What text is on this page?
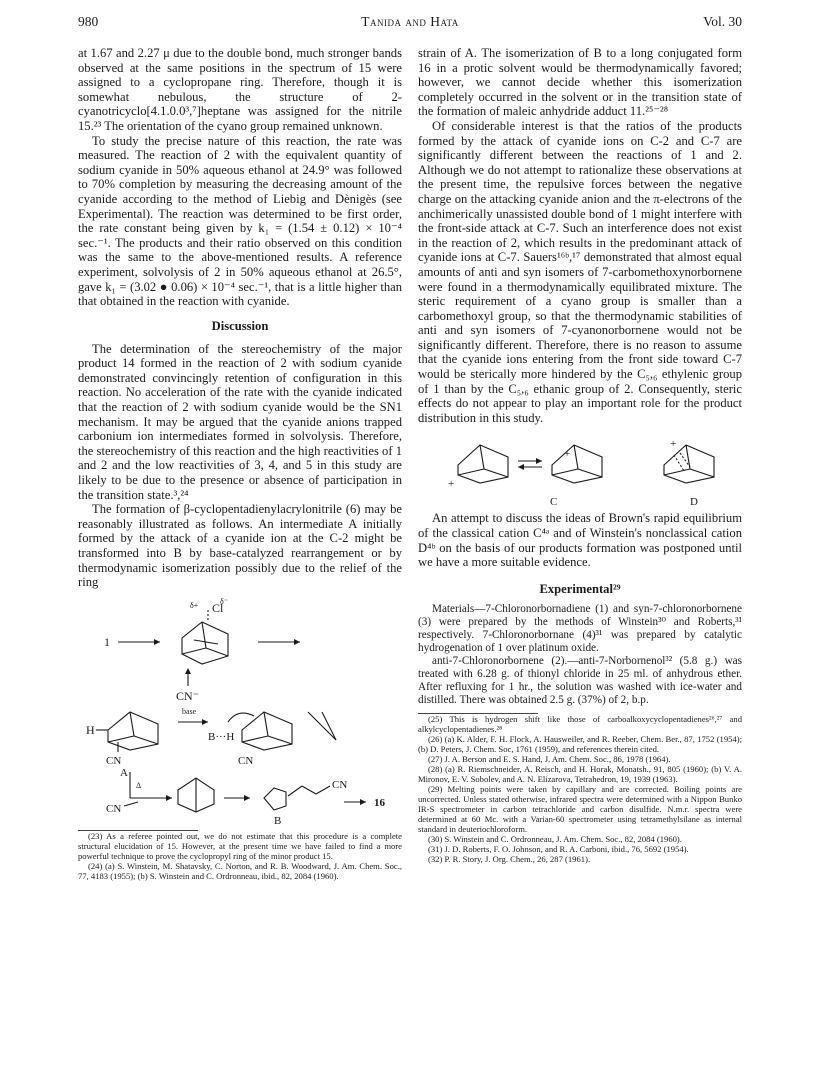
980	Tanida and Hata	Vol. 30

at 1.67 and 2.27 μ due to the double bond, much stronger bands observed at the same positions in the spectrum of 15 were assigned to a cyclopropane ring. Therefore, though it is somewhat nebulous, the structure of 2-cyanotricyclo[4.1.0.0³,⁷]heptane was assigned for the nitrile 15.²³ The orientation of the cyano group remained unknown.

To study the precise nature of this reaction, the rate was measured. The reaction of 2 with the equivalent quantity of sodium cyanide in 50% aqueous ethanol at 24.9° was followed to 70% completion by measuring the decreasing amount of the cyanide according to the method of Liebig and Dènigès (see Experimental). The reaction was determined to be first order, the rate constant being given by k₁ = (1.54 ± 0.12) × 10⁻⁴ sec.⁻¹. The products and their ratio observed on this condition was the same to the above-mentioned results. A reference experiment, solvolysis of 2 in 50% aqueous ethanol at 26.5°, gave k₁ = (3.02 ● 0.06) × 10⁻⁴ sec.⁻¹, that is a little higher than that obtained in the reaction with cyanide.

Discussion

The determination of the stereochemistry of the major product 14 formed in the reaction of 2 with sodium cyanide demonstrated convincingly retention of configuration in this reaction. No acceleration of the rate with the cyanide indicated that the reaction of 2 with sodium cyanide would be the SN1 mechanism. It may be argued that the cyanide anions trapped carbonium ion intermediates formed in solvolysis. Therefore, the stereochemistry of this reaction and the high reactivities of 1 and 2 and the low reactivities of 3, 4, and 5 in this study are likely to be due to the presence or absence of participation in the transition state.³,²⁴

The formation of β-cyclopentadienylacrylonitrile (6) may be reasonably illustrated as follows. An intermediate A initially formed by the attack of a cyanide ion at the C-2 might be transformed into B by base-catalyzed rearrangement or by thermodynamic isomerization possibly due to the relief of the ring

1
δ+	δ⁻
Cl
CN⁻
H
CN
base
B···H
CN
A
Δ
CN
CN
B
16

(23) As a referee pointed out, we do not estimate that this procedure is a complete structural elucidation of 15. However, at the present time we have failed to find a more powerful technique to prove the cyclopropyl ring of the minor product 15.

(24) (a) S. Winstein, M. Shatavsky, C. Norton, and R. B. Woodward, J. Am. Chem. Soc., 77, 4183 (1955); (b) S. Winstein and C. Ordronneau, ibid., 82, 2084 (1960).

strain of A. The isomerization of B to a long conjugated form 16 in a protic solvent would be thermodynamically favored; however, we cannot decide whether this isomerization completely occurred in the solvent or in the transition state of the formation of maleic anhydride adduct 11.²⁵⁻²⁸

Of considerable interest is that the ratios of the products formed by the attack of cyanide ions on C-2 and C-7 are significantly different between the reactions of 1 and 2. Although we do not attempt to rationalize these observations at the present time, the repulsive forces between the negative charge on the attacking cyanide anion and the π-electrons of the anchimerically unassisted double bond of 1 might interfere with the front-side attack at C-7. Such an interference does not exist in the reaction of 2, which results in the predominant attack of cyanide ions at C-7. Sauers¹⁶ᵇ,¹⁷ demonstrated that almost equal amounts of anti and syn isomers of 7-carbomethoxynorbornene were found in a thermodynamically equilibrated mixture. The steric requirement of a cyano group is smaller than a carbomethoxyl group, so that the thermodynamic stabilities of anti and syn isomers of 7-cyanonorbornene would not be significantly different. Therefore, there is no reason to assume that the cyanide ions entering from the front side toward C-7 would be sterically more hindered by the C₅,₆ ethylenic group of 1 than by the C₅,₆ ethanic group of 2. Consequently, steric effects do not appear to play an important role for the product distribution in this study.

+
+
+
C	D

An attempt to discuss the ideas of Brown's rapid equilibrium of the classical cation C⁴ᵃ and of Winstein's nonclassical cation D⁴ᵇ on the basis of our products formation was postponed until we have a more suitable evidence.

Experimental²⁹

Materials—7-Chloronorbornadiene (1) and syn-7-chloronorbornene (3) were prepared by the methods of Winstein³⁰ and Roberts,³¹ respectively. 7-Chloronorbornane (4)³¹ was prepared by catalytic hydrogenation of 1 over platinum oxide.

anti-7-Chloronorbornene (2).—anti-7-Norbornenol³² (5.8 g.) was treated with 6.28 g. of thionyl chloride in 25 ml. of anhydrous ether. After refluxing for 1 hr., the solution was washed with ice-water and distilled. There was obtained 2.5 g. (37%) of 2, b.p.

(25) This is hydrogen shift like those of carboalkoxycyclopentadienes²⁶,²⁷ and alkylcyclopentadienes.²⁸

(26) (a) K. Alder, F. H. Flock, A. Hausweiler, and R. Reeber, Chem. Ber., 87, 1752 (1954); (b) D. Peters, J. Chem. Soc, 1761 (1959), and references therein cited.

(27) J. A. Berson and E. S. Hand, J. Am. Chem. Soc., 86, 1978 (1964).

(28) (a) R. Riemschneider, A. Reisch, and H. Horak, Monatsh., 91, 805 (1960); (b) V. A. Mironov, E. V. Sobolev, and A. N. Elizarova, Tetrahedron, 19, 1939 (1963).

(29) Melting points were taken by capillary and are corrected. Boiling points are uncorrected. Unless stated otherwise, infrared spectra were determined with a Nippon Bunko IR-S spectrometer in carbon tetrachloride and carbon disulfide. N.m.r. spectra were determined at 60 Mc. with a Varian-60 spectrometer using tetramethylsilane as internal standard in deuteriochloroform.

(30) S. Winstein and C. Ordronneau, J. Am. Chem. Soc., 82, 2084 (1960).

(31) J. D. Roberts, F. O. Johnson, and R. A. Carboni, ibid., 76, 5692 (1954).

(32) P. R. Story, J. Org. Chem., 26, 287 (1961).
